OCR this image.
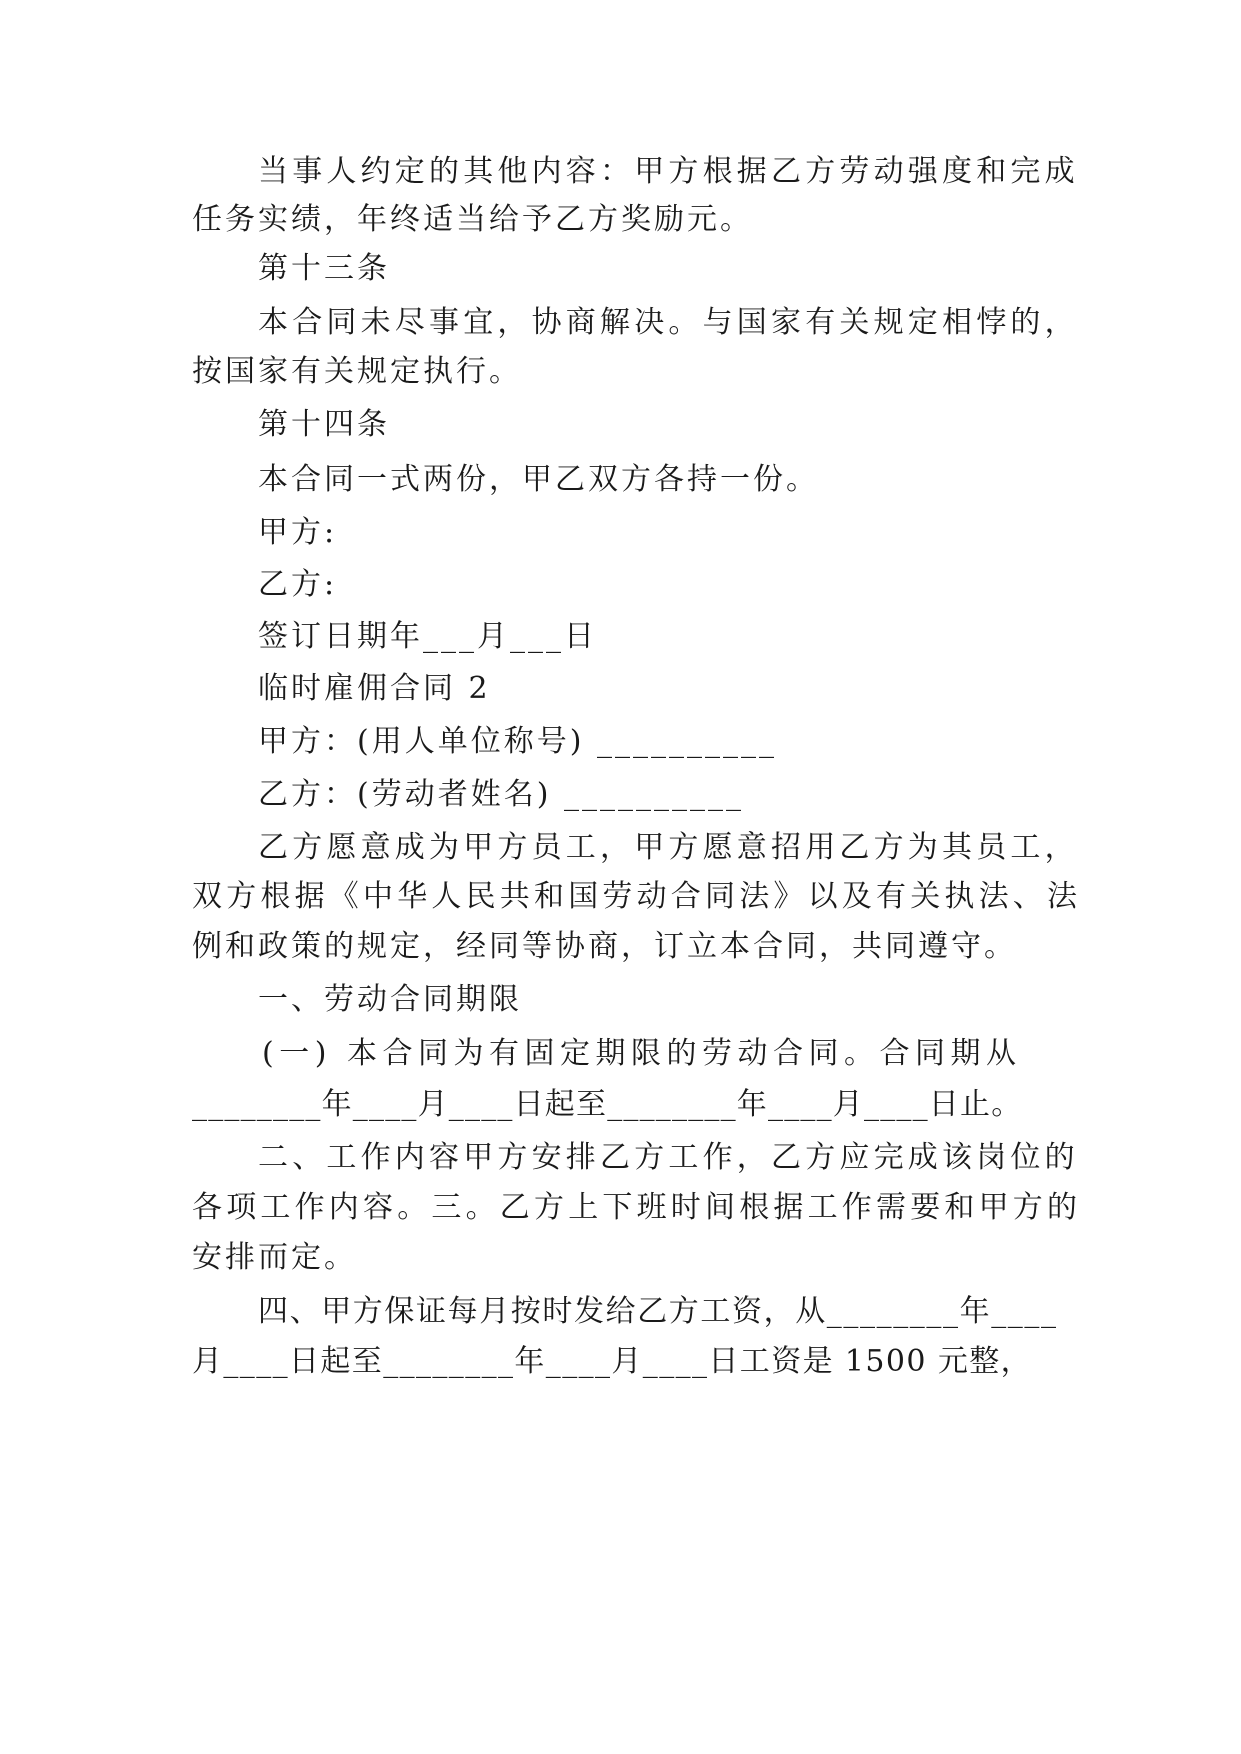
当事人约定的其他内容：甲方根据乙方劳动强度和完成
任务实绩，年终适当给予乙方奖励元。
第十三条
本合同未尽事宜，协商解决。与国家有关规定相悖的，
按国家有关规定执行。
第十四条
本合同一式两份，甲乙双方各持一份。
甲方:
乙方:
签订日期年___月___日
临时雇佣合同 2
甲方：(用人单位称号) __________
乙方：(劳动者姓名) __________
乙方愿意成为甲方员工，甲方愿意招用乙方为其员工，
双方根据《中华人民共和国劳动合同法》以及有关执法、法
例和政策的规定，经同等协商，订立本合同，共同遵守。
一、劳动合同期限
(一) 本合同为有固定期限的劳动合同。合同期从
________年____月____日起至________年____月____日止。
二、工作内容甲方安排乙方工作，乙方应完成该岗位的
各项工作内容。三。乙方上下班时间根据工作需要和甲方的
安排而定。
四、甲方保证每月按时发给乙方工资，从________年____
月____日起至________年____月____日工资是 1500 元整，
